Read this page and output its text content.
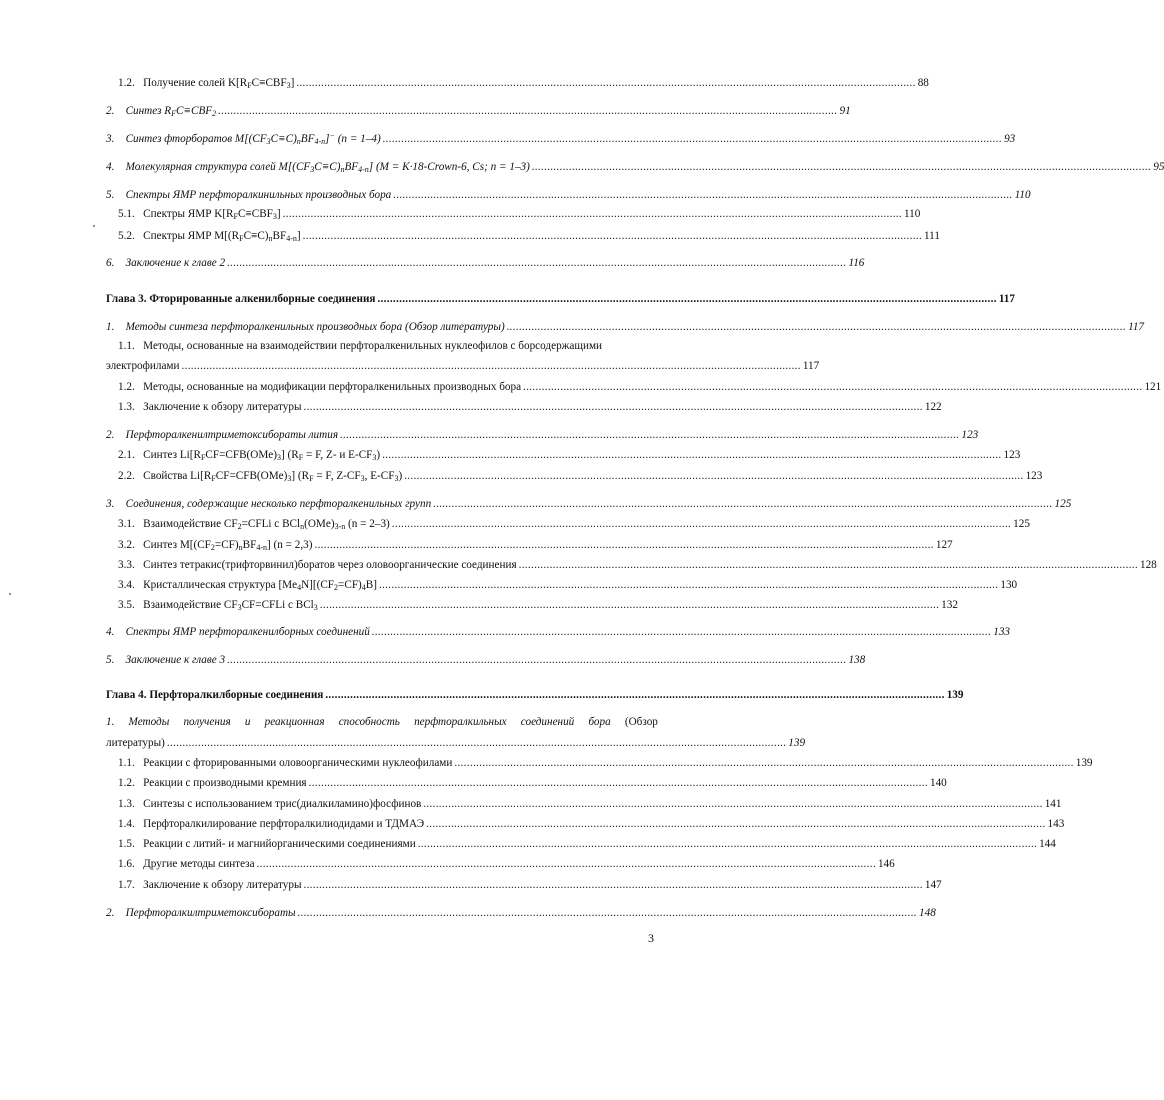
1.2. Получение солей $K[R_FC\equiv CBF_3]$ ........................................................................................................................................................................................................ 88
2. Синтез $R_FC\equiv CBF_2$ ........................................................................................................................................................................................................ 91
3. Синтез фторборатов $M[(CF_3C\equiv C)_nBF_{4-n}]^-$ (n = 1–4) ........................................................................................................................................................................................................ 93
4. Молекулярная структура солей $M[(CF_3C\equiv C)_nBF_{4-n}] (M$ = K·18-Crown-6, Cs; n = 1–3) ........................................................................................................................................................................................................ 95
5. Спектры ЯМР перфторалкинильных производных бора ........................................................................................................................................................................................................ 110
5.1. Спектры ЯМР $K[R_FC\equiv CBF_3]$ ........................................................................................................................................................................................................ 110
5.2. Спектры ЯМР $M[(R_FC\equiv C)_nBF_{4-n}]$ ........................................................................................................................................................................................................ 111
6. Заключение к главе 2 ........................................................................................................................................................................................................ 116
Глава 3. Фторированные алкенилборные соединения ........................................................................................................................................................................................................ 117
1. Методы синтеза перфторалкенильных производных бора (Обзор литературы) ........................................................................................................................................................................................................ 117
1.1. Методы, основанные на взаимодействии перфторалкенильных нуклеофилов с борсодержащими
электрофилами ........................................................................................................................................................................................................ 117
1.2. Методы, основанные на модификации перфторалкенильных производных бора ........................................................................................................................................................................................................ 121
1.3. Заключение к обзору литературы ........................................................................................................................................................................................................ 122
2. Перфторалкенилтриметоксибораты лития ........................................................................................................................................................................................................ 123
2.1. Синтез $Li[R_FCF=CFB(OMe)_3] (R_F = F$, Z- и $E-CF_3$) ........................................................................................................................................................................................................ 123
2.2. Свойства $Li[R_FCF=CFB(OMe)_3] (R_F = F$, $Z-CF_3$, $E-CF_3$) ........................................................................................................................................................................................................ 123
3. Соединения, содержащие несколько перфторалкенильных групп ........................................................................................................................................................................................................ 125
3.1. Взаимодействие $CF_2=CFLi$ с $BCl_n(OMe)_{3-n}$ (n = 2–3) ........................................................................................................................................................................................................ 125
3.2. Синтез $M[(CF_2=CF)_nBF_{4-n}] (n = 2,3)$ ........................................................................................................................................................................................................ 127
3.3. Синтез тетракис(трифторвинил)боратов через оловоорганические соединения ........................................................................................................................................................................................................ 128
3.4. Кристаллическая структура $[Me_4N][(CF_2=CF)_4B]$ ........................................................................................................................................................................................................ 130
3.5. Взаимодействие $CF_3CF=CFLi$ с BCl$_3$ ........................................................................................................................................................................................................ 132
4. Спектры ЯМР перфторалкенилборных соединений ........................................................................................................................................................................................................ 133
5. Заключение к главе 3 ........................................................................................................................................................................................................ 138
Глава 4. Перфторалкилборные соединения ........................................................................................................................................................................................................ 139
1. Методы получения и реакционная способность перфторалкильных соединений бора (Обзор
литературы) ........................................................................................................................................................................................................ 139
1.1. Реакции с фторированными оловоорганическими нуклеофилами ........................................................................................................................................................................................................ 139
1.2. Реакции с производными кремния ........................................................................................................................................................................................................ 140
1.3. Синтезы с использованием трис(диалкиламино)фосфинов ........................................................................................................................................................................................................ 141
1.4. Перфторалкилирование перфторалкилиодидами и ТДМАЭ ........................................................................................................................................................................................................ 143
1.5. Реакции с литий- и магнийорганическими соединениями ........................................................................................................................................................................................................ 144
1.6. Другие методы синтеза ........................................................................................................................................................................................................ 146
1.7. Заключение к обзору литературы ........................................................................................................................................................................................................ 147
2. Перфторалкилтриметоксибораты ........................................................................................................................................................................................................ 148
3
